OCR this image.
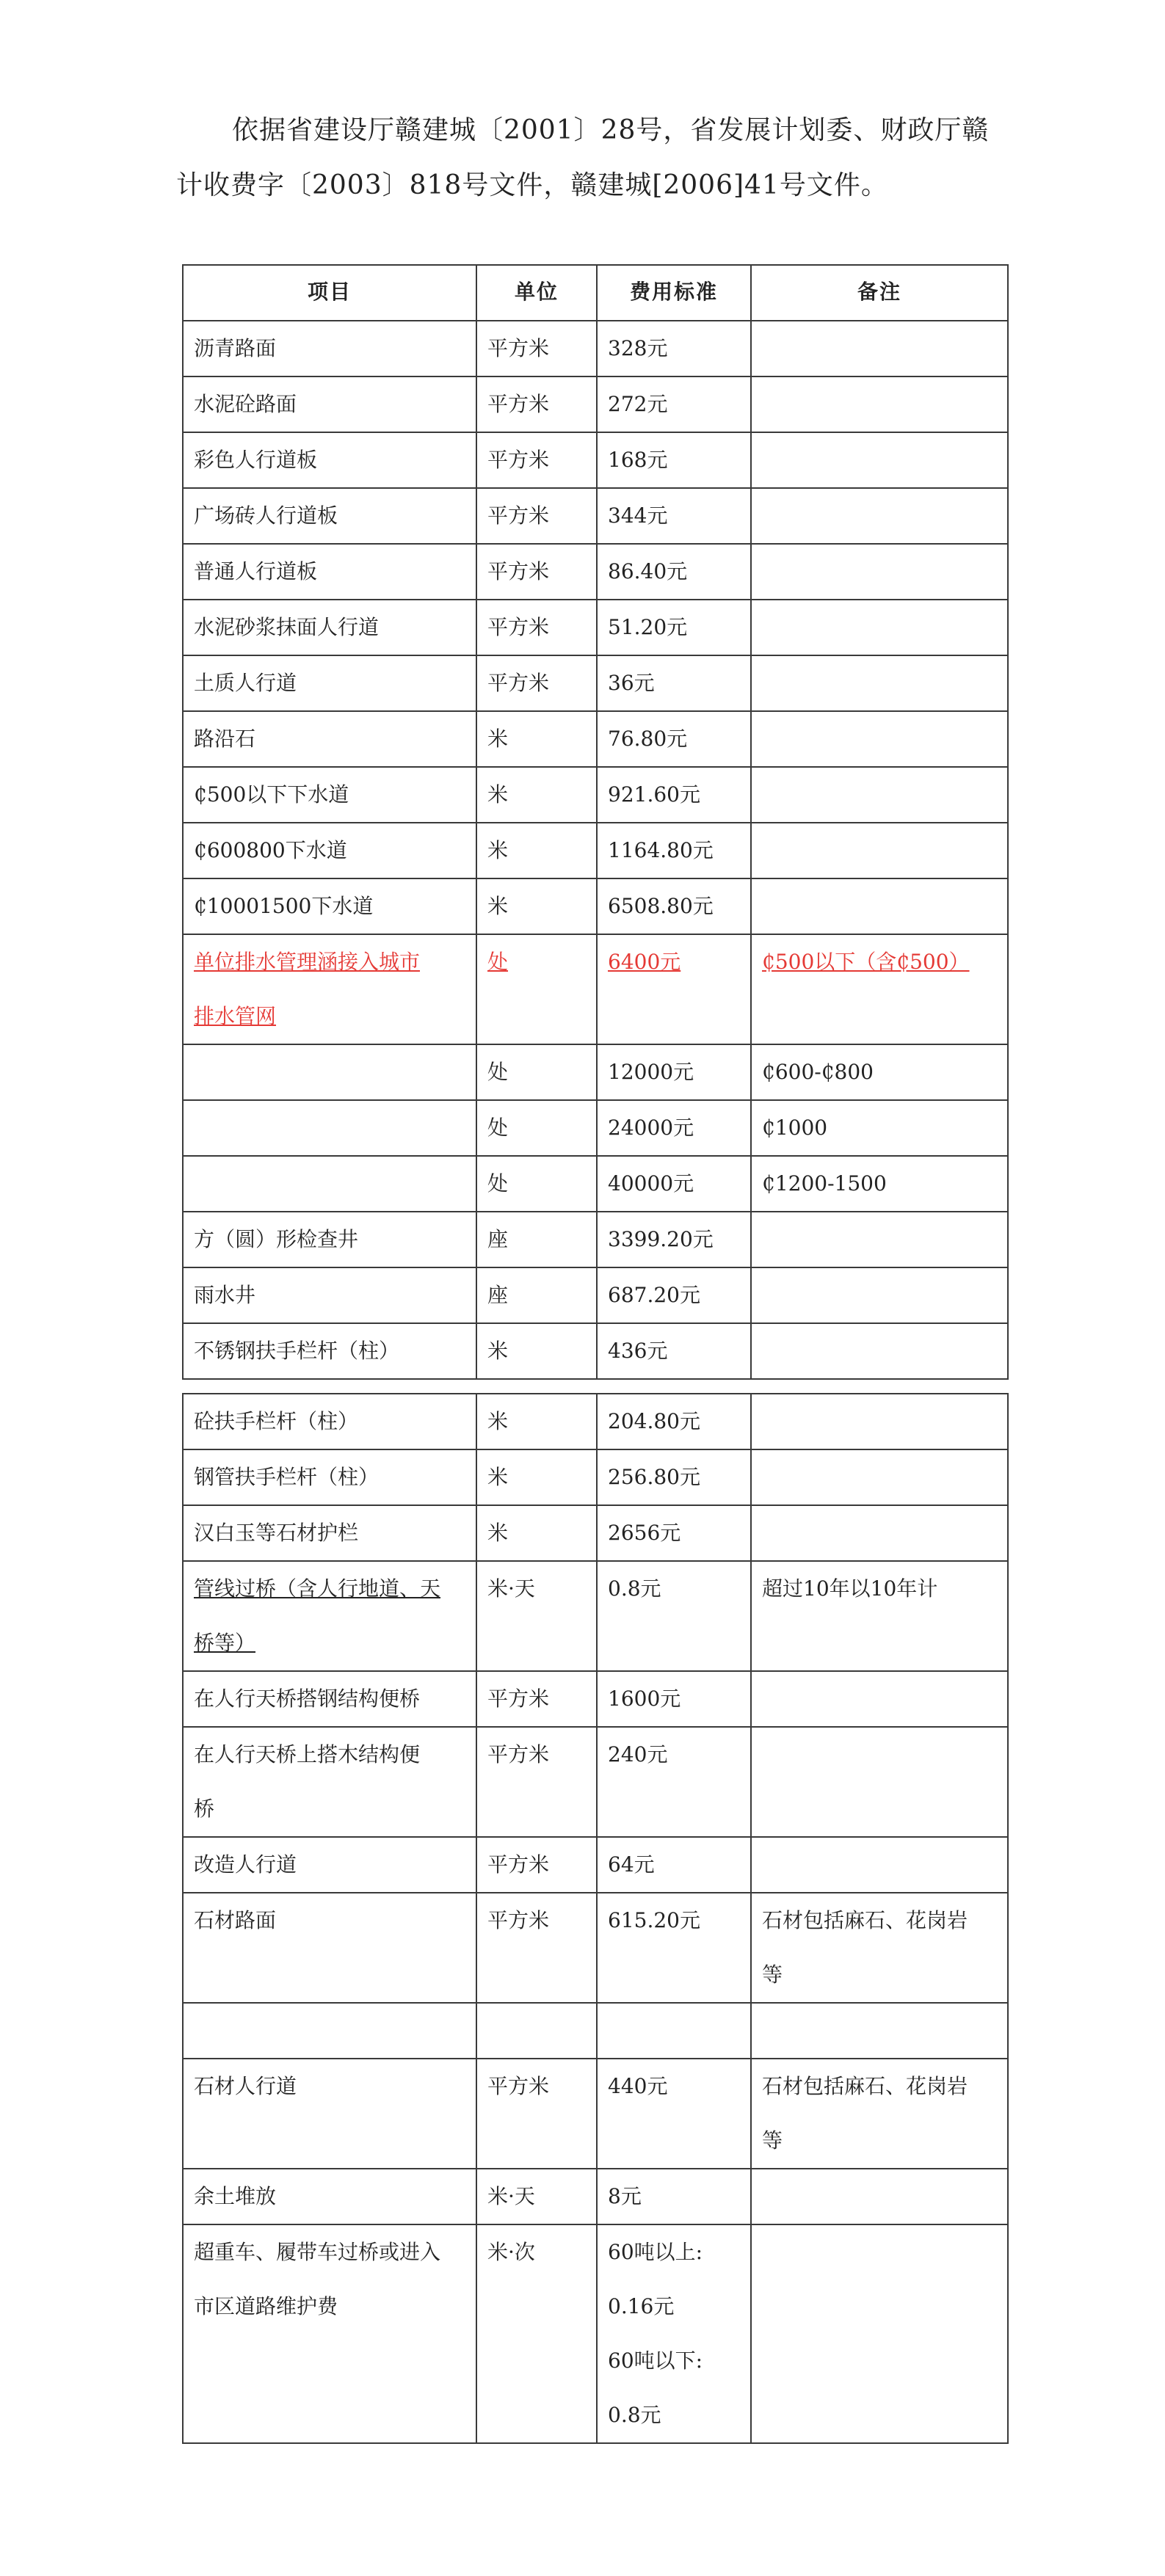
依据省建设厅赣建城〔2001〕28号，省发展计划委、财政厅赣计收费字〔2003〕818号文件，赣建城[2006]41号文件。

项目	单位	费用标准	备注
沥青路面	平方米	328元	
水泥砼路面	平方米	272元	
彩色人行道板	平方米	168元	
广场砖人行道板	平方米	344元	
普通人行道板	平方米	86.40元	
水泥砂浆抹面人行道	平方米	51.20元	
土质人行道	平方米	36元	
路沿石	米	76.80元	
₵500以下下水道	米	921.60元	
₵600800下水道	米	1164.80元	
₵10001500下水道	米	6508.80元	

单位排水管理涵接入城市
排水管网	处	6400元	₵500以下（含₵500）
	处	12000元	₵600-₵800
	处	24000元	₵1000
	处	40000元	₵1200-1500
方（圆）形检查井	座	3399.20元	
雨水井	座	687.20元	
不锈钢扶手栏杆（柱）	米	436元	
砼扶手栏杆（柱）	米	204.80元	
钢管扶手栏杆（柱）	米	256.80元	
汉白玉等石材护栏	米	2656元	

管线过桥（含人行地道、天
桥等）	米·天	0.8元	超过10年以10年计
在人行天桥搭钢结构便桥	平方米	1600元	

在人行天桥上搭木结构便
桥	平方米	240元	
改造人行道	平方米	64元	
石材路面	平方米	615.20元	石材包括麻石、花岗岩
等

石材人行道	平方米	440元	石材包括麻石、花岗岩
等

余土堆放	米·天	8元	

超重车、履带车过桥或进入
市区道路维护费	米·次	60吨以上:
0.16元
60吨以下:
0.8元	
